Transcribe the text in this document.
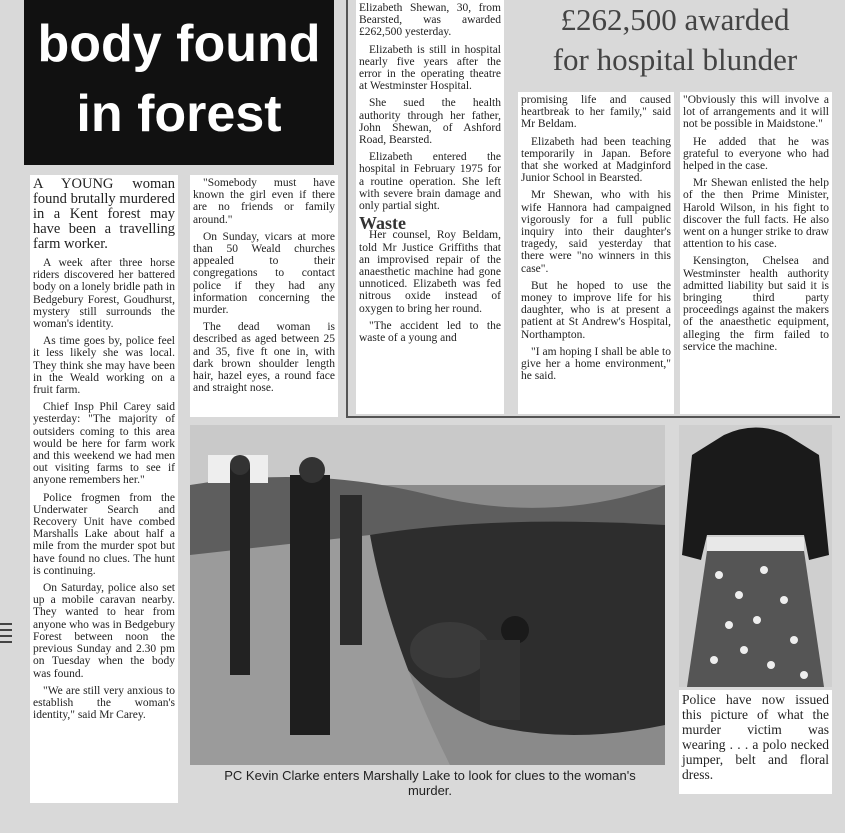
body found
in forest

A YOUNG woman found brutally murdered in a Kent forest may have been a travelling farm worker.

A week after three horse riders discovered her battered body on a lonely bridle path in Bedgebury Forest, Goudhurst, mystery still surrounds the woman's identity.

As time goes by, police feel it less likely she was local. They think she may have been in the Weald working on a fruit farm.

Chief Insp Phil Carey said yesterday: "The majority of outsiders coming to this area would be here for farm work and this weekend we had men out visiting farms to see if anyone remembers her."

Police frogmen from the Underwater Search and Recovery Unit have combed Marshalls Lake about half a mile from the murder spot but have found no clues. The hunt is continuing.

On Saturday, police also set up a mobile caravan nearby. They wanted to hear from anyone who was in Bedgebury Forest between noon the previous Sunday and 2.30 pm on Tuesday when the body was found.

"We are still very anxious to establish the woman's identity," said Mr Carey.

"Somebody must have known the girl even if there are no friends or family around."

On Sunday, vicars at more than 50 Weald churches appealed to their congregations to contact police if they had any information concerning the murder.

The dead woman is described as aged between 25 and 35, five ft one in, with dark brown shoulder length hair, hazel eyes, a round face and straight nose.

Elizabeth Shewan, 30, from Bearsted, was awarded £262,500 yesterday.

Elizabeth is still in hospital nearly five years after the error in the operating theatre at Westminster Hospital.

She sued the health authority through her father, John Shewan, of Ashford Road, Bearsted.

Elizabeth entered the hospital in February 1975 for a routine operation. She left with severe brain damage and only partial sight.

Waste

Her counsel, Roy Beldam, told Mr Justice Griffiths that an improvised repair of the anaesthetic machine had gone unnoticed. Elizabeth was fed nitrous oxide instead of oxygen to bring her round.

"The accident led to the waste of a young and

£262,500 awarded
for hospital blunder

promising life and caused heartbreak to her family," said Mr Beldam.

Elizabeth had been teaching temporarily in Japan. Before that she worked at Madginford Junior School in Bearsted.

Mr Shewan, who with his wife Hannora had campaigned vigorously for a full public inquiry into their daughter's tragedy, said yesterday that there were "no winners in this case".

But he hoped to use the money to improve life for his daughter, who is at present a patient at St Andrew's Hospital, Northampton.

"I am hoping I shall be able to give her a home environment," he said.

"Obviously this will involve a lot of arrangements and it will not be possible in Maidstone."

He added that he was grateful to everyone who had helped in the case.

Mr Shewan enlisted the help of the then Prime Minister, Harold Wilson, in his fight to discover the full facts. He also went on a hunger strike to draw attention to his case.

Kensington, Chelsea and Westminster health authority admitted liability but said it is bringing third party proceedings against the makers of the anaesthetic equipment, alleging the firm failed to service the machine.

PC Kevin Clarke enters Marshally Lake to look for clues to the woman's murder.
Police have now issued this picture of what the murder victim was wearing . . . a polo necked jumper, belt and floral dress.
